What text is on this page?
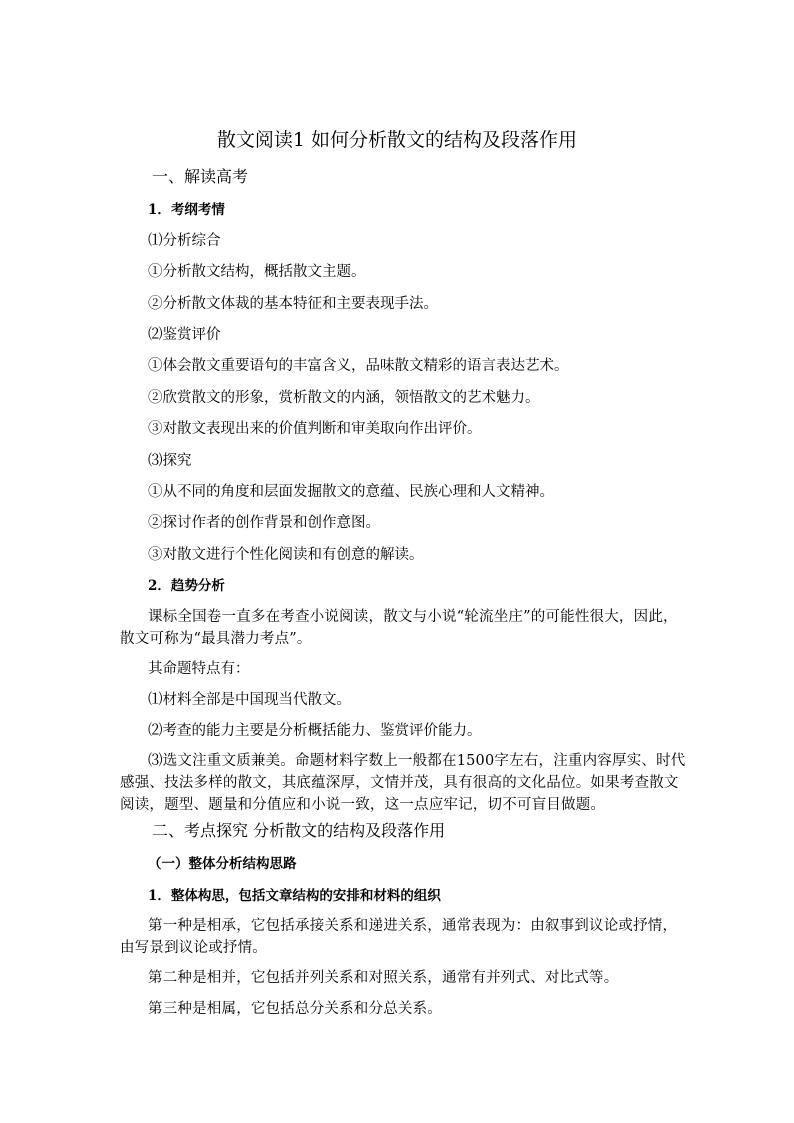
散文阅读1 如何分析散文的结构及段落作用
一、解读高考
1．考纲考情
⑴分析综合
①分析散文结构，概括散文主题。
②分析散文体裁的基本特征和主要表现手法。
⑵鉴赏评价
①体会散文重要语句的丰富含义，品味散文精彩的语言表达艺术。
②欣赏散文的形象，赏析散文的内涵，领悟散文的艺术魅力。
③对散文表现出来的价值判断和审美取向作出评价。
⑶探究
①从不同的角度和层面发掘散文的意蕴、民族心理和人文精神。
②探讨作者的创作背景和创作意图。
③对散文进行个性化阅读和有创意的解读。
2．趋势分析
课标全国卷一直多在考查小说阅读，散文与小说“轮流坐庄”的可能性很大，因此，散文可称为“最具潜力考点”。
其命题特点有：
⑴材料全部是中国现当代散文。
⑵考查的能力主要是分析概括能力、鉴赏评价能力。
⑶选文注重文质兼美。命题材料字数上一般都在1500字左右，注重内容厚实、时代感强、技法多样的散文，其底蕴深厚，文情并茂，具有很高的文化品位。如果考查散文阅读，题型、题量和分值应和小说一致，这一点应牢记，切不可盲目做题。
二、考点探究 分析散文的结构及段落作用
（一）整体分析结构思路
1．整体构思，包括文章结构的安排和材料的组织
第一种是相承，它包括承接关系和递进关系，通常表现为：由叙事到议论或抒情，由写景到议论或抒情。
第二种是相并，它包括并列关系和对照关系，通常有并列式、对比式等。
第三种是相属，它包括总分关系和分总关系。
